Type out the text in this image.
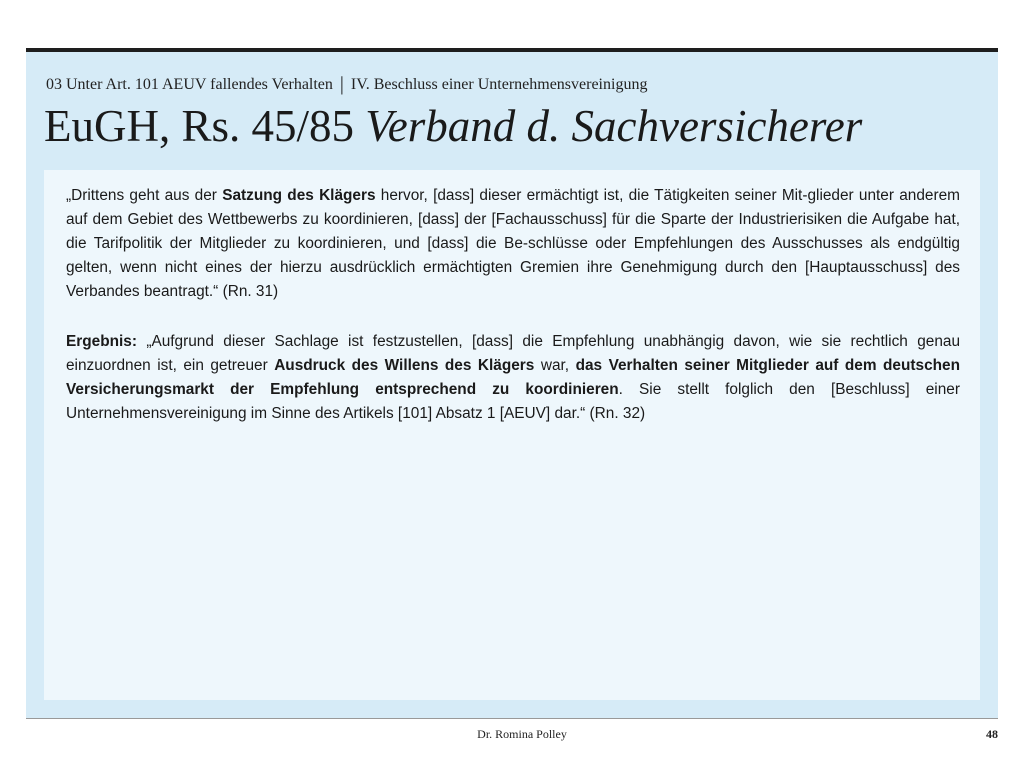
03 Unter Art. 101 AEUV fallendes Verhalten | IV. Beschluss einer Unternehmensvereinigung
EuGH, Rs. 45/85 Verband d. Sachversicherer

„Drittens geht aus der Satzung des Klägers hervor, [dass] dieser ermächtigt ist, die Tätigkeiten seiner Mit-glieder unter anderem auf dem Gebiet des Wettbewerbs zu koordinieren, [dass] der [Fachausschuss] für die Sparte der Industrierisiken die Aufgabe hat, die Tarifpolitik der Mitglieder zu koordinieren, und [dass] die Be-schlüsse oder Empfehlungen des Ausschusses als endgültig gelten, wenn nicht eines der hierzu ausdrücklich ermächtigten Gremien ihre Genehmigung durch den [Hauptausschuss] des Verbandes beantragt.“ (Rn. 31)

Ergebnis: „Aufgrund dieser Sachlage ist festzustellen, [dass] die Empfehlung unabhängig davon, wie sie rechtlich genau einzuordnen ist, ein getreuer Ausdruck des Willens des Klägers war, das Verhalten seiner Mitglieder auf dem deutschen Versicherungsmarkt der Empfehlung entsprechend zu koordinieren. Sie stellt folglich den [Beschluss] einer Unternehmensvereinigung im Sinne des Artikels [101] Absatz 1 [AEUV] dar.“ (Rn. 32)

Dr. Romina Polley	48
